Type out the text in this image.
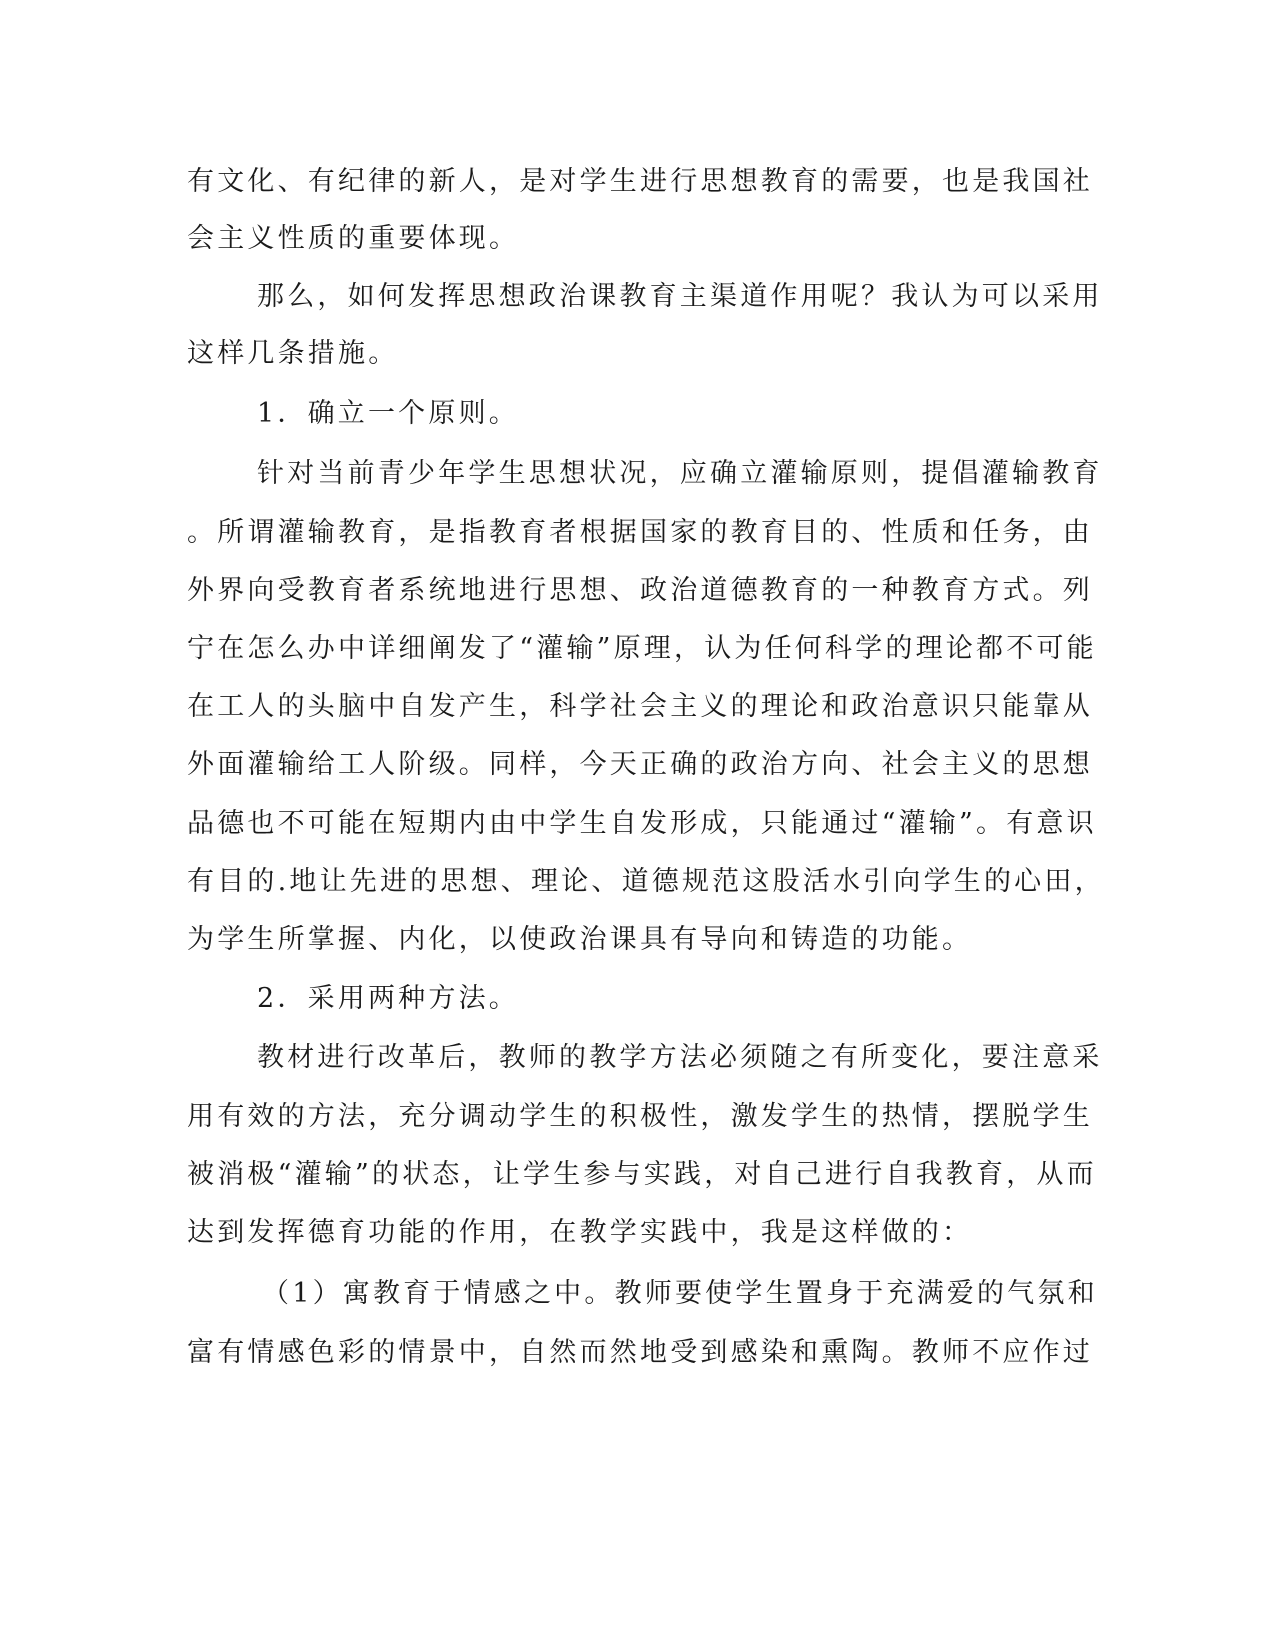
有文化、有纪律的新人，是对学生进行思想教育的需要，也是我国社
会主义性质的重要体现。
那么，如何发挥思想政治课教育主渠道作用呢？我认为可以采用
这样几条措施。
1．确立一个原则。
针对当前青少年学生思想状况，应确立灌输原则，提倡灌输教育
。所谓灌输教育，是指教育者根据国家的教育目的、性质和任务，由
外界向受教育者系统地进行思想、政治道德教育的一种教育方式。列
宁在怎么办中详细阐发了“灌输”原理，认为任何科学的理论都不可能
在工人的头脑中自发产生，科学社会主义的理论和政治意识只能靠从
外面灌输给工人阶级。同样，今天正确的政治方向、社会主义的思想
品德也不可能在短期内由中学生自发形成，只能通过“灌输”。有意识
有目的.地让先进的思想、理论、道德规范这股活水引向学生的心田，
为学生所掌握、内化，以使政治课具有导向和铸造的功能。
2．采用两种方法。
教材进行改革后，教师的教学方法必须随之有所变化，要注意采
用有效的方法，充分调动学生的积极性，激发学生的热情，摆脱学生
被消极“灌输”的状态，让学生参与实践，对自己进行自我教育，从而
达到发挥德育功能的作用，在教学实践中，我是这样做的：
（1）寓教育于情感之中。教师要使学生置身于充满爱的气氛和
富有情感色彩的情景中，自然而然地受到感染和熏陶。教师不应作过
